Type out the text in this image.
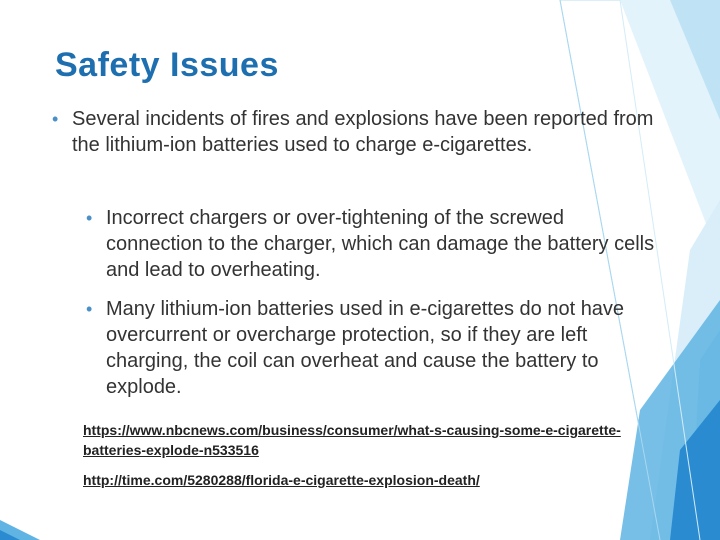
Safety Issues
• Several incidents of fires and explosions have been reported from the lithium-ion batteries used to charge e-cigarettes.
• Incorrect chargers or over-tightening of the screwed connection to the charger, which can damage the battery cells and lead to overheating.
• Many lithium-ion batteries used in e-cigarettes do not have overcurrent or overcharge protection, so if they are left charging, the coil can overheat and cause the battery to explode.
https://www.nbcnews.com/business/consumer/what-s-causing-some-e-cigarette-batteries-explode-n533516
http://time.com/5280288/florida-e-cigarette-explosion-death/
